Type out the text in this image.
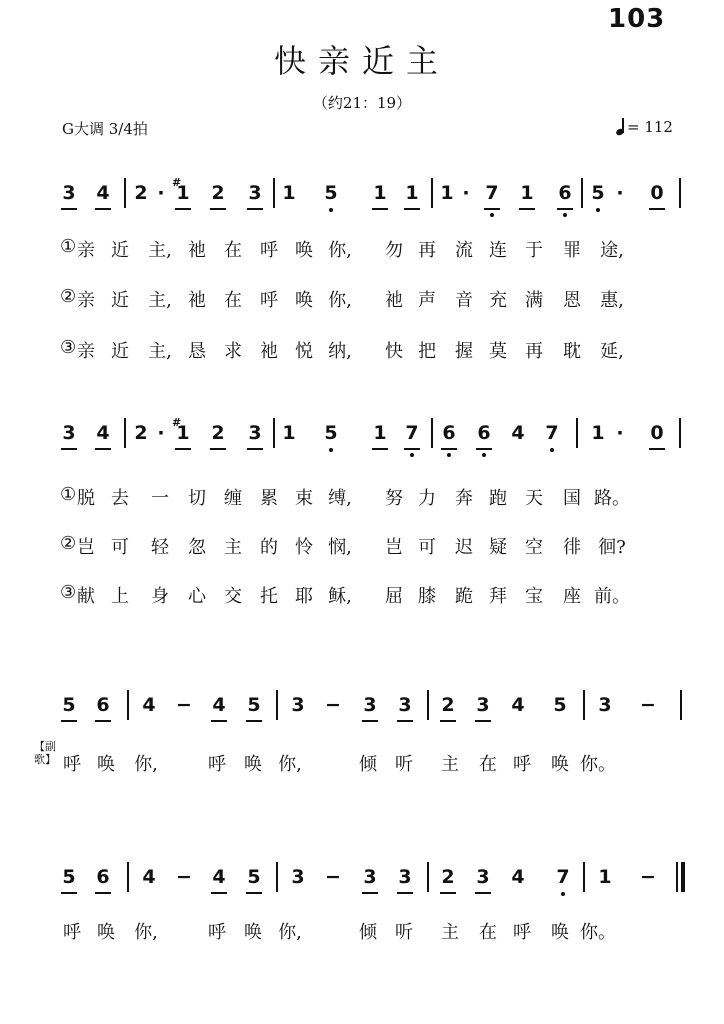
103
快亲近主
（约21：19）
G大调 3/4拍	= 112
【副歌】
3 4 2 · 1
# 2 3 1 5 1 1 1 · 7 1 6 5 · 0
3 4 2 · 1
# 2 3 1 5 1 7 6 6 4 7 1 · 0
5 6 4 − 4 5 3 − 3 3 2 3 4 5 3 −
5 6 4 − 4 5 3 − 3 3 2 3 4 7 1 −
① 亲 近 主, 祂 在 呼 唤 你, 勿 再 流 连 于 罪 途,
② 亲 近 主, 祂 在 呼 唤 你, 祂 声 音 充 满 恩 惠,
③ 亲 近 主, 恳 求 祂 悦 纳, 快 把 握 莫 再 耽 延,
① 脱 去 一 切 缠 累 束 缚, 努 力 奔 跑 天 国 路。
② 岂 可 轻 忽 主 的 怜 悯, 岂 可 迟 疑 空 徘 徊?
③ 献 上 身 心 交 托 耶 稣, 屈 膝 跪 拜 宝 座 前。
呼 唤 你,	呼 唤 你,	倾 听 主 在 呼 唤 你。
呼 唤 你,	呼 唤 你,	倾 听 主 在 呼 唤 你。
